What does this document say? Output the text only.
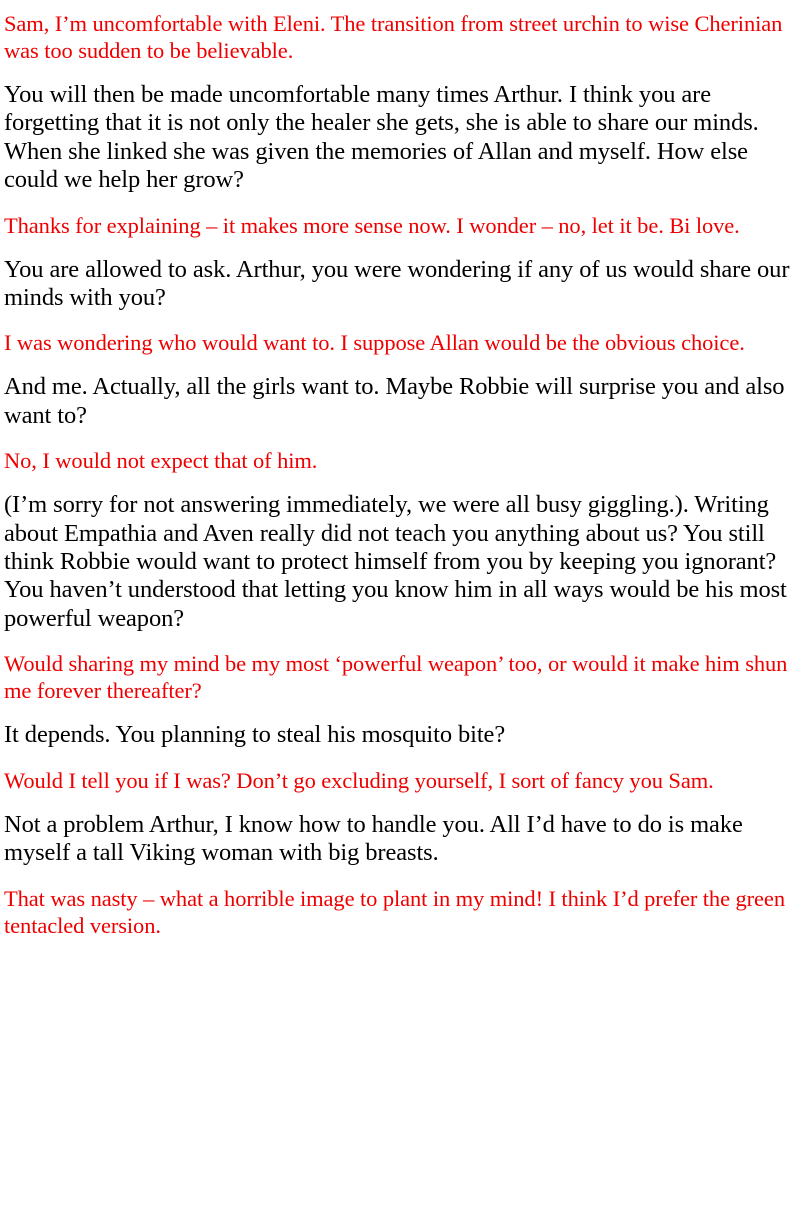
Sam, I’m uncomfortable with Eleni. The transition from street urchin to wise Cherinian was too sudden to be believable.

You will then be made uncomfortable many times Arthur. I think you are forgetting that it is not only the healer she gets, she is able to share our minds. When she linked she was given the memories of Allan and myself. How else could we help her grow?

Thanks for explaining – it makes more sense now. I wonder – no, let it be. Bi love.

You are allowed to ask. Arthur, you were wondering if any of us would share our minds with you?

I was wondering who would want to. I suppose Allan would be the obvious choice.

And me. Actually, all the girls want to. Maybe Robbie will surprise you and also want to?

No, I would not expect that of him.

(I’m sorry for not answering immediately, we were all busy giggling.). Writing about Empathia and Aven really did not teach you anything about us? You still think Robbie would want to protect himself from you by keeping you ignorant? You haven’t understood that letting you know him in all ways would be his most powerful weapon?

Would sharing my mind be my most ‘powerful weapon’ too, or would it make him shun me forever thereafter?

It depends. You planning to steal his mosquito bite?

Would I tell you if I was? Don’t go excluding yourself, I sort of fancy you Sam.

Not a problem Arthur, I know how to handle you. All I’d have to do is make myself a tall Viking woman with big breasts.

That was nasty – what a horrible image to plant in my mind! I think I’d prefer the green tentacled version.
